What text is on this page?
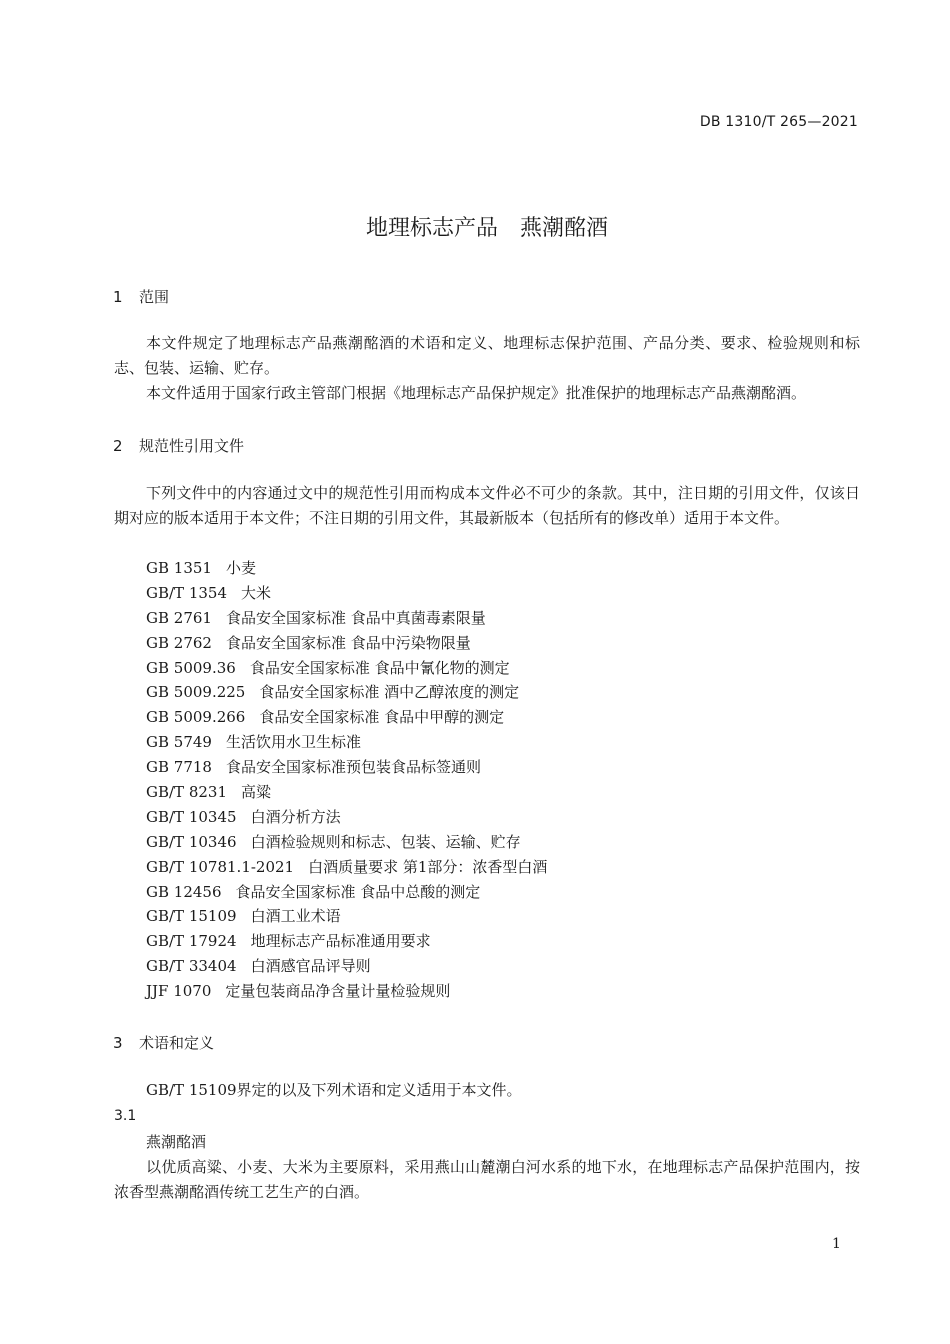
DB 1310/T 265—2021
地理标志产品　燕潮酩酒
1 范围

本文件规定了地理标志产品燕潮酩酒的术语和定义、地理标志保护范围、产品分类、要求、检验规则和标志、包装、运输、贮存。

本文件适用于国家行政主管部门根据《地理标志产品保护规定》批准保护的地理标志产品燕潮酩酒。

2 规范性引用文件

下列文件中的内容通过文中的规范性引用而构成本文件必不可少的条款。其中，注日期的引用文件，仅该日期对应的版本适用于本文件；不注日期的引用文件，其最新版本（包括所有的修改单）适用于本文件。

GB 1351 小麦
GB/T 1354 大米
GB 2761 食品安全国家标准 食品中真菌毒素限量
GB 2762 食品安全国家标准 食品中污染物限量
GB 5009.36 食品安全国家标准 食品中氰化物的测定
GB 5009.225 食品安全国家标准 酒中乙醇浓度的测定
GB 5009.266 食品安全国家标准 食品中甲醇的测定
GB 5749 生活饮用水卫生标准
GB 7718 食品安全国家标准预包装食品标签通则
GB/T 8231 高粱
GB/T 10345 白酒分析方法
GB/T 10346 白酒检验规则和标志、包装、运输、贮存
GB/T 10781.1-2021 白酒质量要求 第1部分：浓香型白酒
GB 12456 食品安全国家标准 食品中总酸的测定
GB/T 15109 白酒工业术语
GB/T 17924 地理标志产品标准通用要求
GB/T 33404 白酒感官品评导则
JJF 1070 定量包装商品净含量计量检验规则
3 术语和定义

GB/T 15109界定的以及下列术语和定义适用于本文件。

3.1
燕潮酩酒

以优质高粱、小麦、大米为主要原料，采用燕山山麓潮白河水系的地下水，在地理标志产品保护范围内，按浓香型燕潮酩酒传统工艺生产的白酒。

1
